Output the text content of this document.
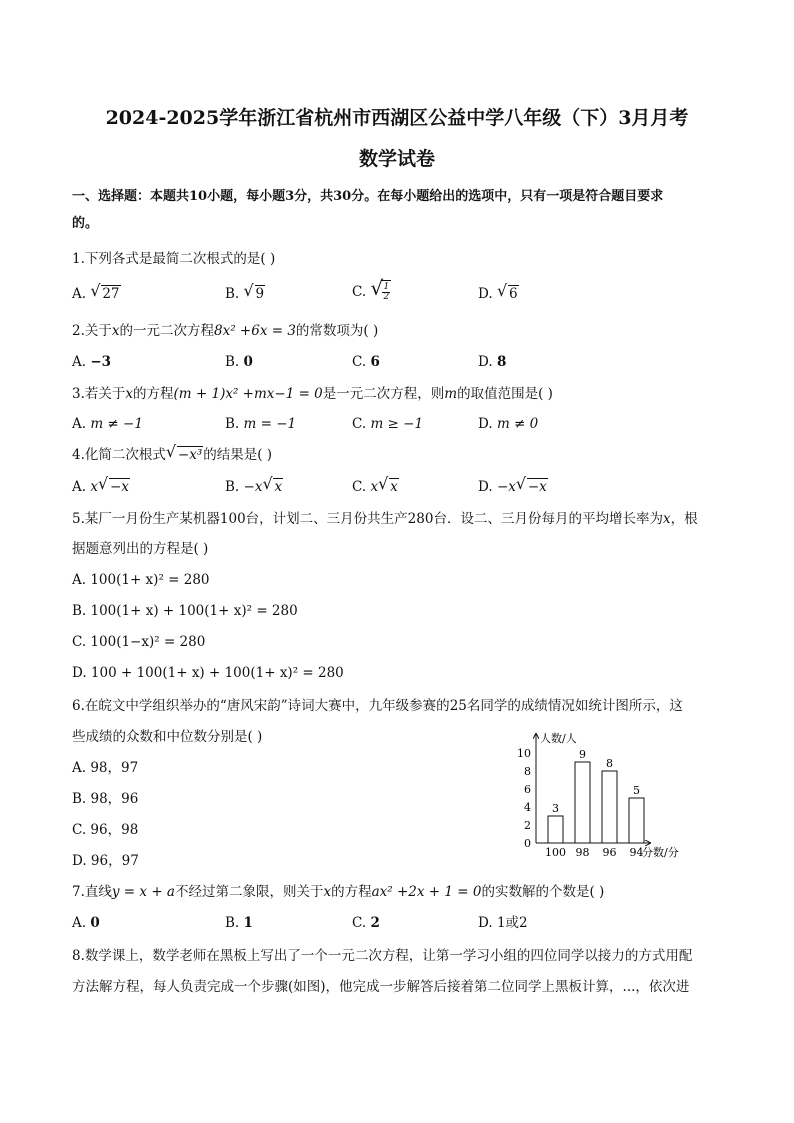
2024-2025学年浙江省杭州市西湖区公益中学八年级（下）3月月考
数学试卷
一、选择题：本题共10小题，每小题3分，共30分。在每小题给出的选项中，只有一项是符合题目要求
的。
1.下列各式是最简二次根式的是( )
A. √ 27	B. √ 9	C. √ $\frac{1}{2}$	D. √ 6
2.关于x的一元二次方程8x² +6x = 3的常数项为( )
A. −3	B. 0	C. 6	D. 8
3.若关于x的方程(m + 1)x² +mx−1 = 0是一元二次方程，则m的取值范围是( )
A. m ≠ −1	B. m = −1	C. m ≥ −1	D. m ≠ 0
4.化简二次根式 √ −x³的结果是( )
A. x √ −x	B. −x √ x	C. x √ x	D. −x √ −x
5.某厂一月份生产某机器100台，计划二、三月份共生产280台．设二、三月份每月的平均增长率为x，根
据题意列出的方程是( )
A. 100(1+ x)² = 280
B. 100(1+ x) + 100(1+ x)² = 280
C. 100(1−x)² = 280
D. 100 + 100(1+ x) + 100(1+ x)² = 280
6.在皖文中学组织举办的“唐风宋韵”诗词大赛中，九年级参赛的25名同学的成绩情况如统计图所示，这
些成绩的众数和中位数分别是( )
A. 98，97
B. 98，96
C. 96，98
D. 96，97
0
2
4
6
8
10
3
9
8
5
100 98 96 94
人数/人
分数/分
7.直线y = x + a不经过第二象限，则关于x的方程ax² +2x + 1 = 0的实数解的个数是( )
A. 0	B. 1	C. 2	D. 1或2
8.数学课上，数学老师在黑板上写出了一个一元二次方程，让第一学习小组的四位同学以接力的方式用配
方法解方程，每人负责完成一个步骤(如图)，他完成一步解答后接着第二位同学上黑板计算，...，依次进
